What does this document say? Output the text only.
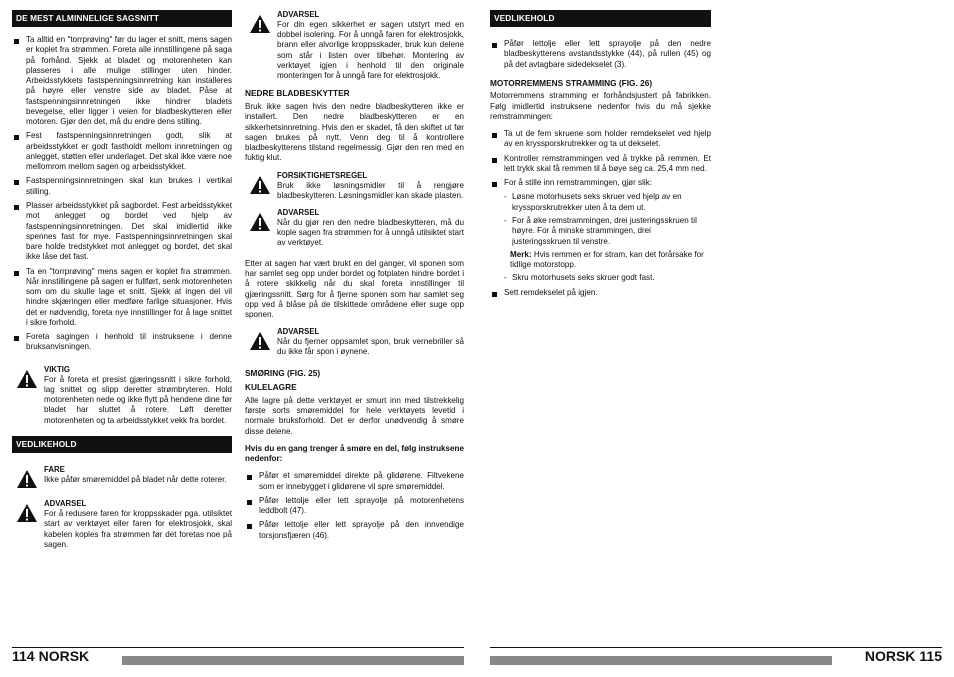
DE MEST ALMINNELIGE SAGSNITT
Ta alltid en "torrprøving" før du lager et snitt, mens sagen er koplet fra strømmen. Foreta alle innstillingene på saga på forhånd. Sjekk at bladet og motorenheten kan plasseres i alle mulige stillinger uten hinder. Arbeidsstykkets fastspenningsinnretning kan installeres på høyre eller venstre side av bladet. Påse at fastspenningsinnretningen ikke hindrer bladets bevegelse, eller ligger i veien for bladbeskytteren eller motoren. Gjør den det, må du endre dens stilling.
Fest fastspenningsinnretningen godt, slik at arbeidsstykket er godt fastholdt mellom innretningen og anlegget, støtten eller underlaget. Det skal ikke være noe mellomrom mellom sagen og arbeidsstykket.
Fastspenningsinnretningen skal kun brukes i vertikal stilling.
Plasser arbeidsstykket på sagbordet. Fest arbeidsstykket mot anlegget og bordet ved hjelp av fastspenningsinnretningen. Det skal imidlertid ikke spennes fast for mye. Fastspenningsinnretningen skal bare holde tredstykket mot anlegget og bordet, det skal ikke låse det fast.
Ta en "torrprøving" mens sagen er koplet fra strømmen. Når innstillingene på sagen er fullført, senk motorenheten som om du skulle lage et snitt. Sjekk at ingen del vil hindre skjæringen eller medføre farlige situasjoner. Hvis det er nødvendig, foreta nye innstillinger for å lage snittet i sikre forhold.
Foreta sagingen i henhold til instruksene i denne bruksanvisningen.
VIKTIG
For å foreta et presist gjæringssnitt i sikre forhold, lag snittet og slipp deretter strømbryteren. Hold motorenheten nede og ikke flytt på hendene dine før bladet har sluttet å rotere. Løft deretter motorenheten og ta arbeidsstykket vekk fra bordet.
VEDLIKEHOLD
FARE
Ikke påfør smøremiddel på bladet når dette roterer.
ADVARSEL
For å redusere faren for kroppsskader pga. utilsiktet start av verktøyet eller faren for elektrosjokk, skal kabelen koples fra strømmen før det foretas noe på sagen.
ADVARSEL
For din egen sikkerhet er sagen utstyrt med en dobbel isolering. For å unngå faren for elektrosjokk, brann eller alvorlige kroppsskader, bruk kun delene som står i listen over tilbehør. Montering av verktøyet igjen i henhold til den originale monteringen for å unngå fare for elektrosjokk.
NEDRE BLADBESKYTTER
Bruk ikke sagen hvis den nedre bladbeskytteren ikke er installert. Den nedre bladbeskytteren er en sikkerhetsinnretning. Hvis den er skadet, få den skiftet ut før sagen brukes på nytt. Venn deg til å kontrollere bladbeskytterens tilstand regelmessig. Gjør den ren med en fuktig klut.
FORSIKTIGHETSREGEL
Bruk ikke løsningsmidler til å rengjøre bladbeskytteren. Løsningsmidler kan skade plasten.
ADVARSEL
Når du gjør ren den nedre bladbeskytteren, må du kople sagen fra strømmen for å unngå utilsiktet start av verktøyet.
Etter at sagen har vært brukt en del ganger, vil sponen som har samlet seg opp under bordet og fotplaten hindre bordet i å rotere skikkelig når du skal foreta innstillinger til gjæringssnitt. Sørg for å fjerne sponen som har samlet seg opp ved å blåse på de tilskittede områdene eller suge opp sponen.
ADVARSEL
Når du fjerner oppsamlet spon, bruk vernebriller så du ikke får spon i øynene.
SMØRING (FIG. 25)
KULELAGRE
Alle lagre på dette verktøyet er smurt inn med tilstrekkelig første sorts smøremiddel for hele verktøyets levetid i normale bruksforhold. Det er derfor unødvendig å smøre disse delene.
Hvis du en gang trenger å smøre en del, følg instruksene nedenfor:
Påfør et smøremiddel direkte på glidørene. Filtvekene som er innebygget i glidørene vil spre smøremiddel.
Påfør lettolje eller lett sprayolje på motorenhetens leddbolt (47).
Påfør lettolje eller lett sprayolje på den innvendige torsjonsfjæren (46).
VEDLIKEHOLD
Påfør lettolje eller lett sprayolje på den nedre bladbeskytterens avstandsstykke (44), på rullen (45) og på det avtagbare sidedekselet (3).
MOTORREMMENS STRAMMING (FIG. 26)
Motorremmens stramming er forhåndsjustert på fabrikken. Følg imidlertid instruksene nedenfor hvis du må sjekke remstrammingen:
Ta ut de fem skruene som holder remdekselet ved hjelp av en kryssporskrutrekker og ta ut dekselet.
Kontroller remstrammingen ved å trykke på remmen. Et lett trykk skal få remmen til å bøye seg ca. 25,4 mm ned.
For å stille inn remstrammingen, gjør slik:
- Løsne motorhusets seks skruer ved hjelp av en kryssporskrutrekker uten å ta dem ut.
- For å øke remstrammingen, drei justeringsskruen til høyre. For å minske strammingen, drei justeringsskruen til venstre.
Merk: Hvis remmen er for stram, kan det forårsake for tidlige motorstopp.
- Skru motorhusets seks skruer godt fast.
Sett remdekselet på igjen.
114 NORSK	NORSK 115
